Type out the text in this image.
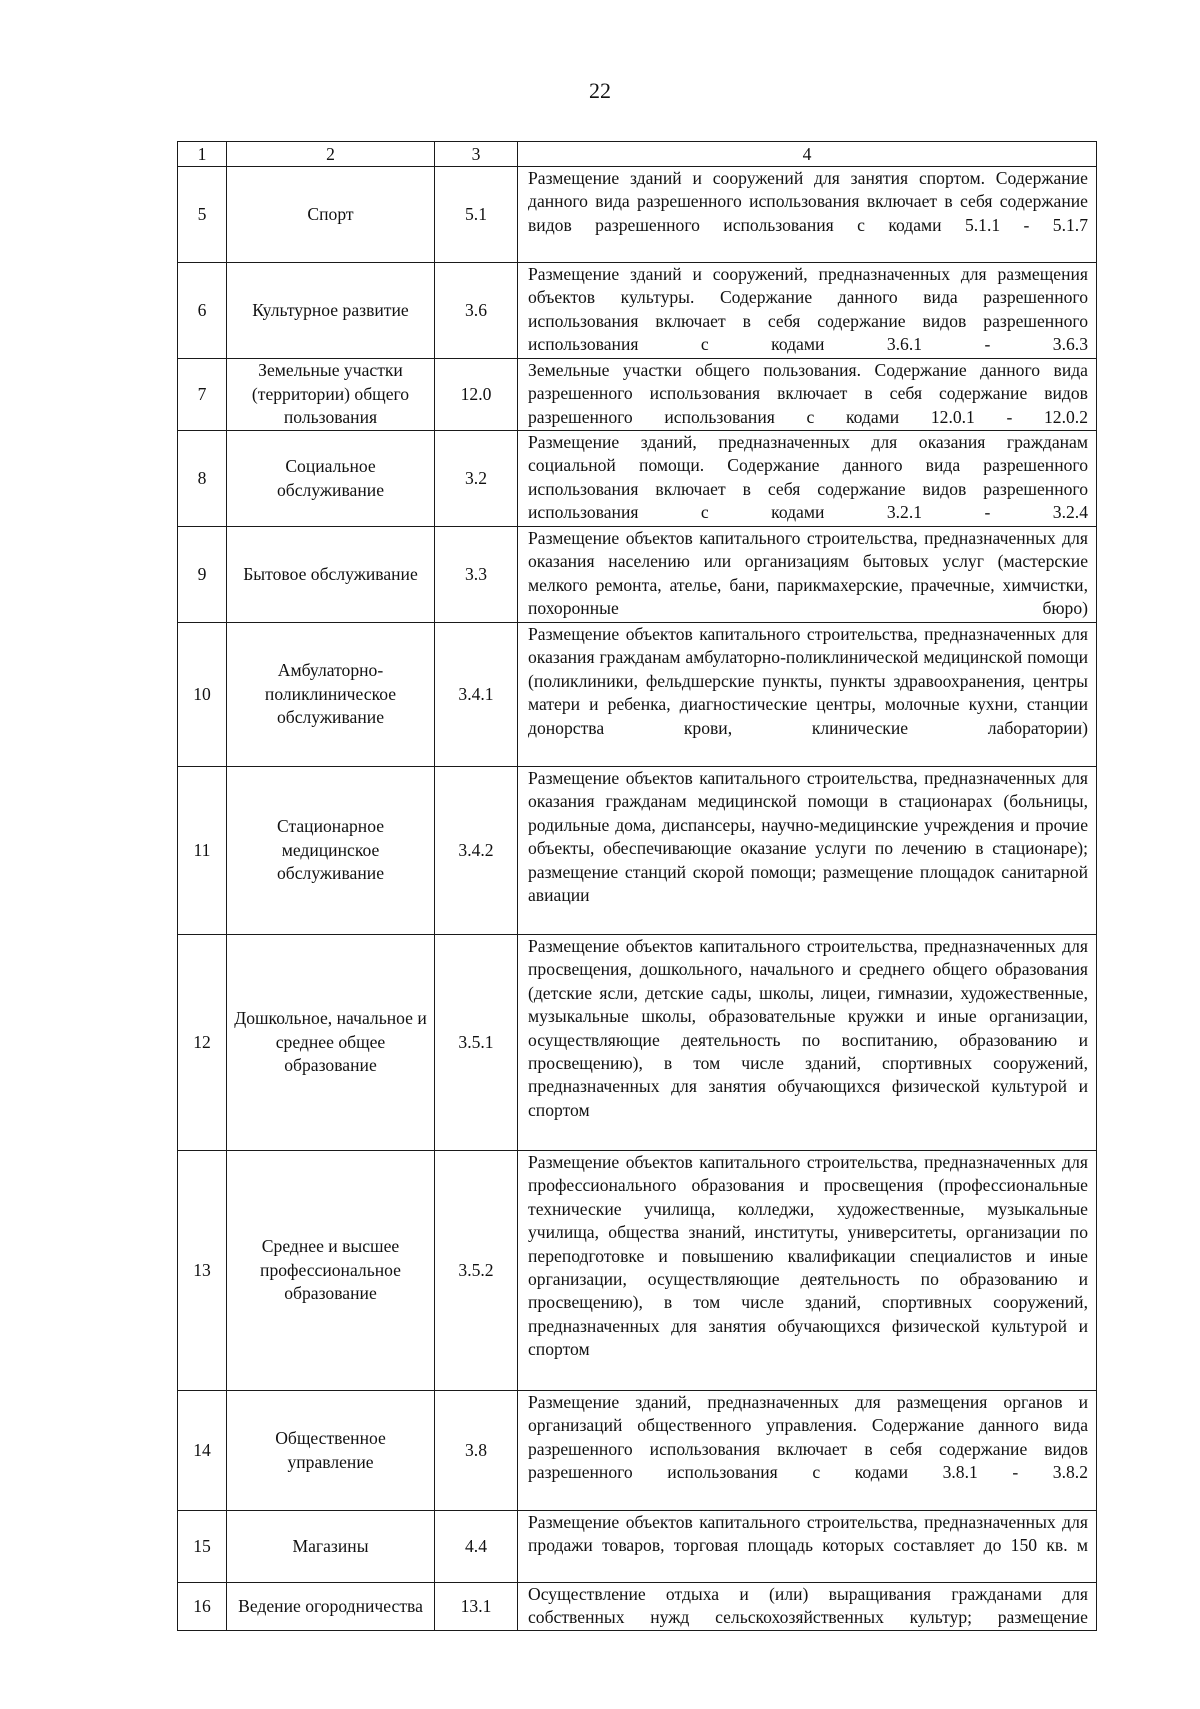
22
1	2	3	4
5	Спорт	5.1	Размещение зданий и сооружений для занятия спортом. Содержание данного вида разрешенного использования включает в себя содержание видов разрешенного использования с кодами 5.1.1 - 5.1.7

6	Культурное развитие	3.6	Размещение зданий и сооружений, предназначенных для размещения объектов культуры. Содержание данного вида разрешенного использования включает в себя содержание видов разрешенного использования с кодами 3.6.1 - 3.6.3

7	Земельные участки (территории) общего пользования	12.0	Земельные участки общего пользования. Содержание данного вида разрешенного использования включает в себя содержание видов разрешенного использования с кодами 12.0.1 - 12.0.2

8	Социальное обслуживание	3.2	Размещение зданий, предназначенных для оказания гражданам социальной помощи. Содержание данного вида разрешенного использования включает в себя содержание видов разрешенного использования с кодами 3.2.1 - 3.2.4

9	Бытовое обслуживание	3.3	Размещение объектов капитального строительства, предназначенных для оказания населению или организациям бытовых услуг (мастерские мелкого ремонта, ателье, бани, парикмахерские, прачечные, химчистки, похоронные бюро)

10	Амбулаторно-поликлиническое обслуживание	3.4.1	Размещение объектов капитального строительства, предназначенных для оказания гражданам амбулаторно-поликлинической медицинской помощи (поликлиники, фельдшерские пункты, пункты здравоохранения, центры матери и ребенка, диагностические центры, молочные кухни, станции донорства крови, клинические лаборатории)

11	Стационарное медицинское обслуживание	3.4.2	Размещение объектов капитального строительства, предназначенных для оказания гражданам медицинской помощи в стационарах (больницы, родильные дома, диспансеры, научно-медицинские учреждения и прочие объекты, обеспечивающие оказание услуги по лечению в стационаре); размещение станций скорой помощи; размещение площадок санитарной авиации

12	Дошкольное, начальное и среднее общее образование	3.5.1	Размещение объектов капитального строительства, предназначенных для просвещения, дошкольного, начального и среднего общего образования (детские ясли, детские сады, школы, лицеи, гимназии, художественные, музыкальные школы, образовательные кружки и иные организации, осуществляющие деятельность по воспитанию, образованию и просвещению), в том числе зданий, спортивных сооружений, предназначенных для занятия обучающихся физической культурой и спортом

13	Среднее и высшее профессиональное образование	3.5.2	Размещение объектов капитального строительства, предназначенных для профессионального образования и просвещения (профессиональные технические училища, колледжи, художественные, музыкальные училища, общества знаний, институты, университеты, организации по переподготовке и повышению квалификации специалистов и иные организации, осуществляющие деятельность по образованию и просвещению), в том числе зданий, спортивных сооружений, предназначенных для занятия обучающихся физической культурой и спортом

14	Общественное управление	3.8	Размещение зданий, предназначенных для размещения органов и организаций общественного управления. Содержание данного вида разрешенного использования включает в себя содержание видов разрешенного использования с кодами 3.8.1 - 3.8.2

15	Магазины	4.4	Размещение объектов капитального строительства, предназначенных для продажи товаров, торговая площадь которых составляет до 150 кв. м

16	Ведение огородничества	13.1	Осуществление отдыха и (или) выращивания гражданами для собственных нужд сельскохозяйственных культур; размещение
